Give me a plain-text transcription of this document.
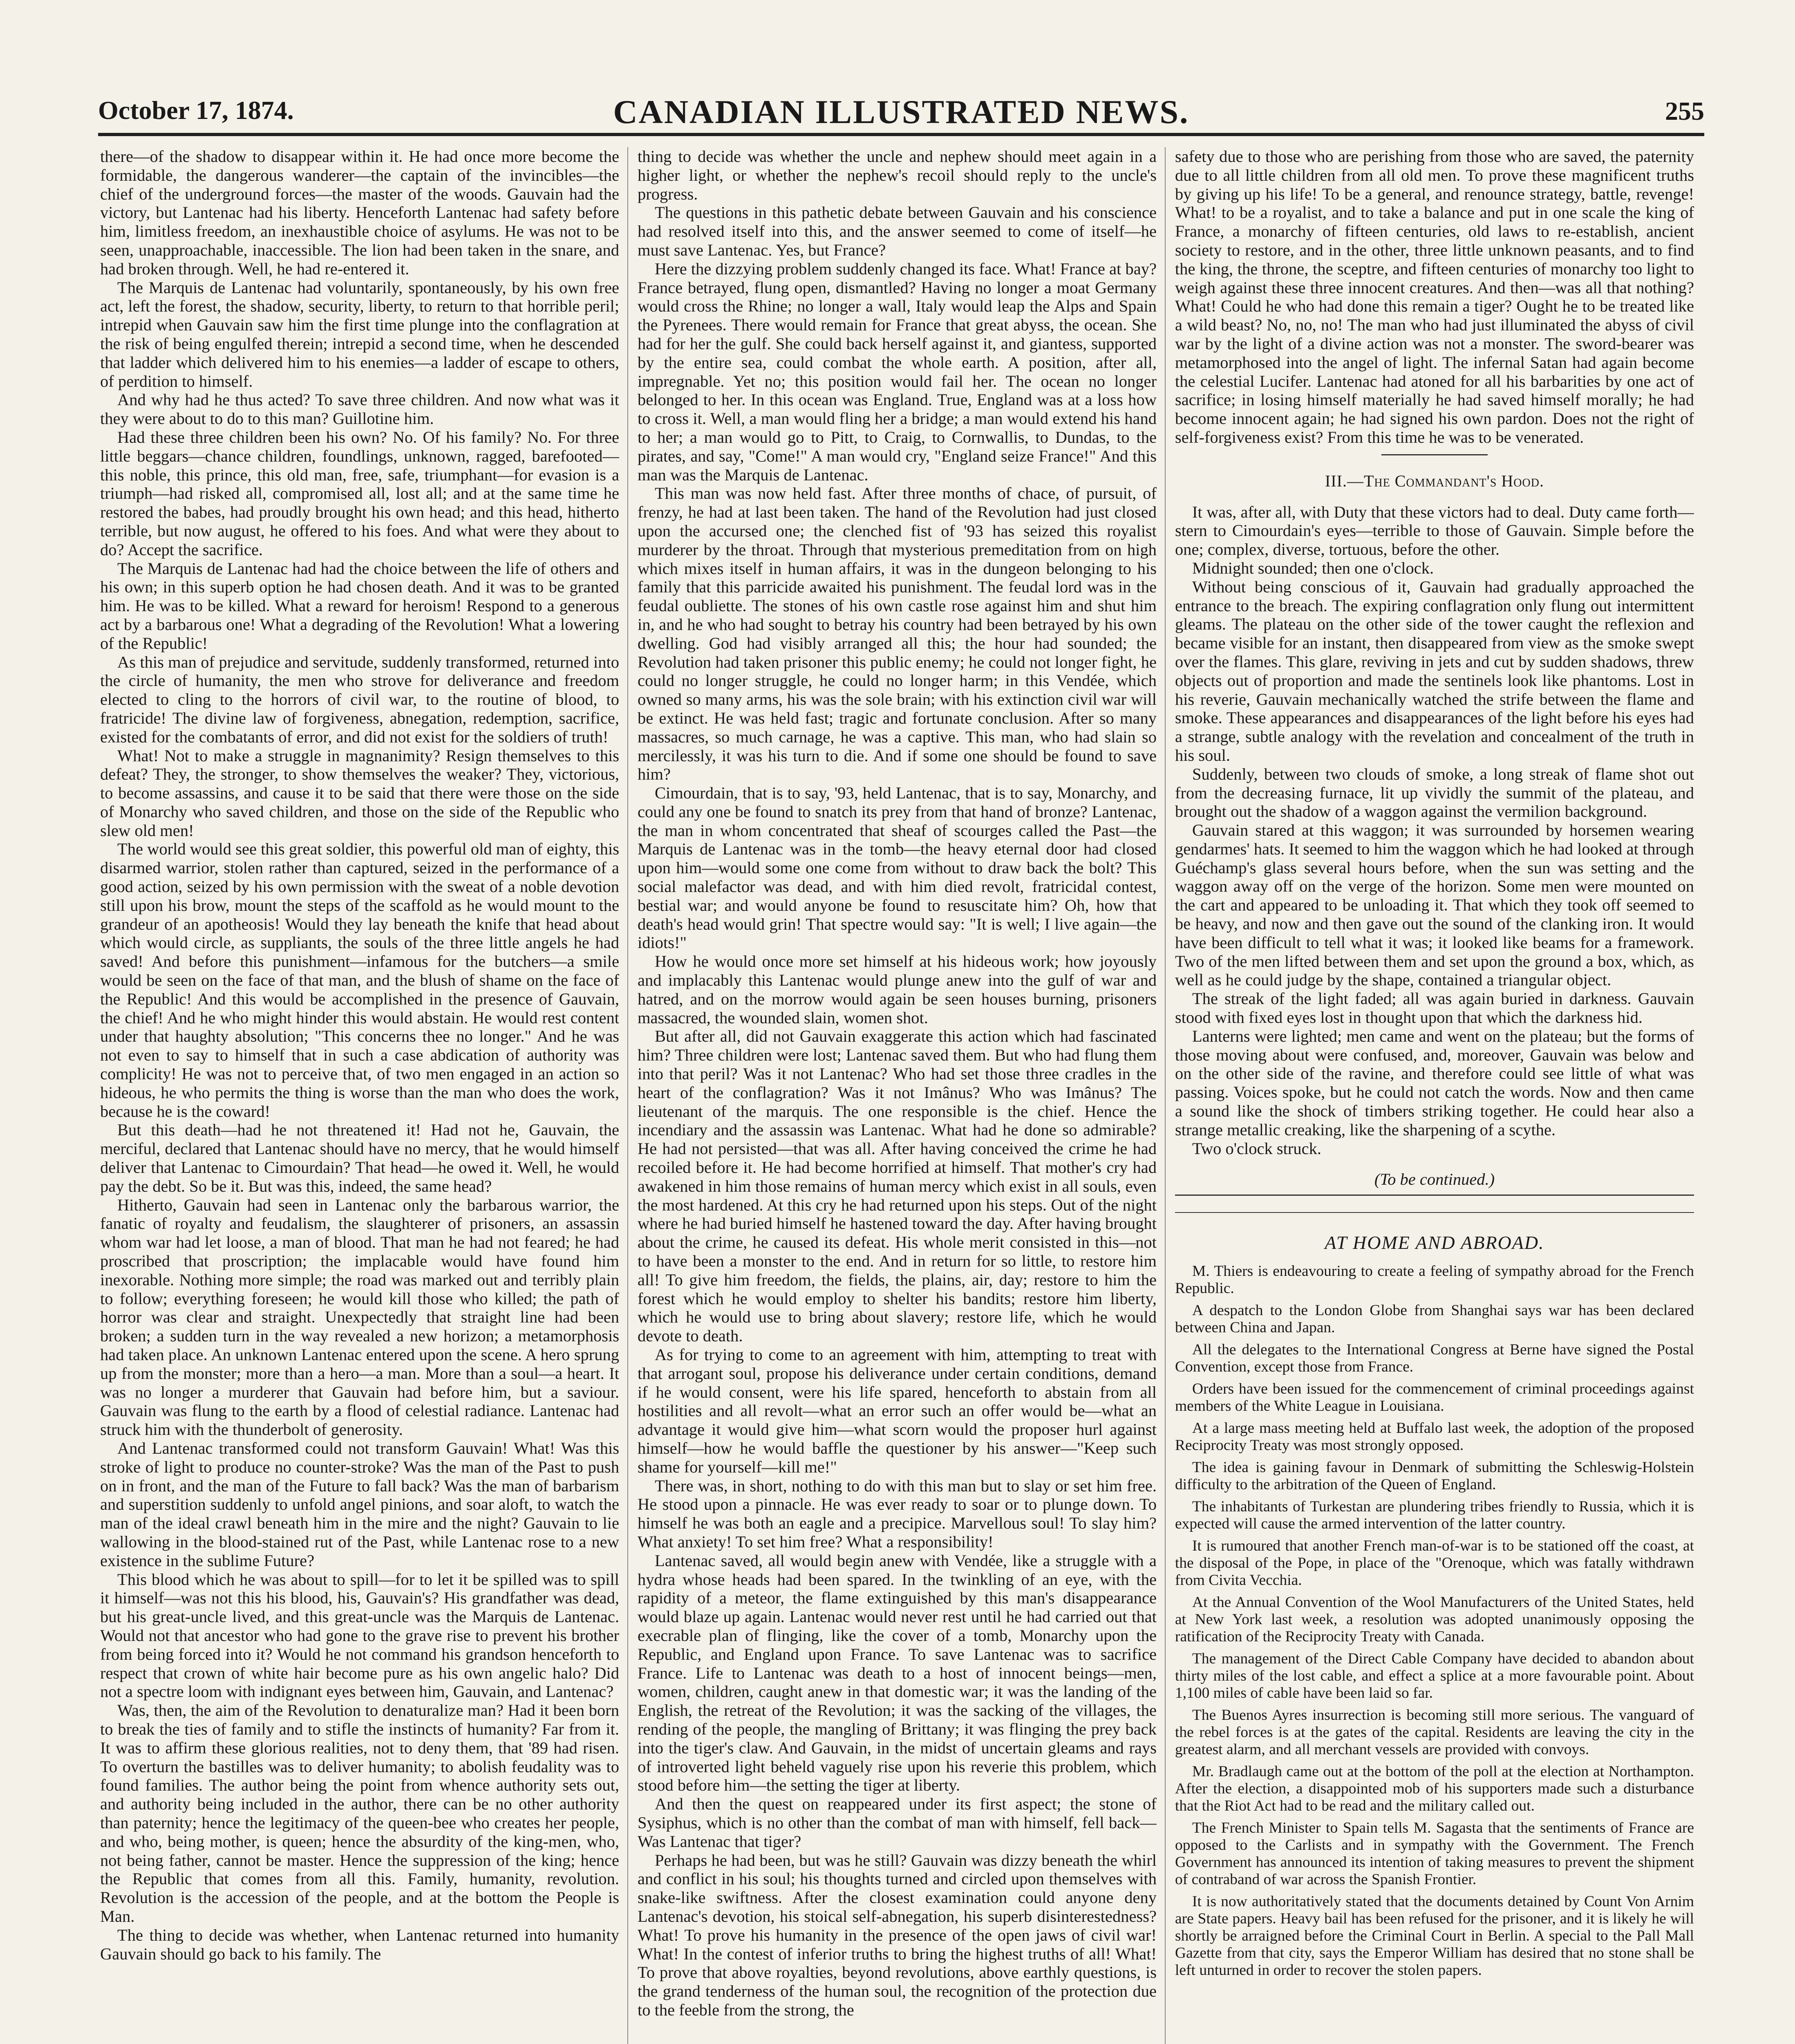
October 17, 1874.	CANADIAN ILLUSTRATED NEWS.	255

there—of the shadow to disappear within it. He had once more become the formidable, the dangerous wanderer—the captain of the invincibles—the chief of the underground forces—the master of the woods. Gauvain had the victory, but Lantenac had his liberty. Henceforth Lantenac had safety before him, limitless freedom, an inexhaustible choice of asylums. He was not to be seen, unapproachable, inaccessible. The lion had been taken in the snare, and had broken through. Well, he had re-entered it.

The Marquis de Lantenac had voluntarily, spontaneously, by his own free act, left the forest, the shadow, security, liberty, to return to that horrible peril; intrepid when Gauvain saw him the first time plunge into the conflagration at the risk of being engulfed therein; intrepid a second time, when he descended that ladder which delivered him to his enemies—a ladder of escape to others, of perdition to himself.

And why had he thus acted? To save three children. And now what was it they were about to do to this man? Guillotine him.

Had these three children been his own? No. Of his family? No. For three little beggars—chance children, foundlings, unknown, ragged, barefooted—this noble, this prince, this old man, free, safe, triumphant—for evasion is a triumph—had risked all, compromised all, lost all; and at the same time he restored the babes, had proudly brought his own head; and this head, hitherto terrible, but now august, he offered to his foes. And what were they about to do? Accept the sacrifice.

The Marquis de Lantenac had had the choice between the life of others and his own; in this superb option he had chosen death. And it was to be granted him. He was to be killed. What a reward for heroism! Respond to a generous act by a barbarous one! What a degrading of the Revolution! What a lowering of the Republic!

As this man of prejudice and servitude, suddenly transformed, returned into the circle of humanity, the men who strove for deliverance and freedom elected to cling to the horrors of civil war, to the routine of blood, to fratricide! The divine law of forgiveness, abnegation, redemption, sacrifice, existed for the combatants of error, and did not exist for the soldiers of truth!

What! Not to make a struggle in magnanimity? Resign themselves to this defeat? They, the stronger, to show themselves the weaker? They, victorious, to become assassins, and cause it to be said that there were those on the side of Monarchy who saved children, and those on the side of the Republic who slew old men!

The world would see this great soldier, this powerful old man of eighty, this disarmed warrior, stolen rather than captured, seized in the performance of a good action, seized by his own permission with the sweat of a noble devotion still upon his brow, mount the steps of the scaffold as he would mount to the grandeur of an apotheosis! Would they lay beneath the knife that head about which would circle, as suppliants, the souls of the three little angels he had saved! And before this punishment—infamous for the butchers—a smile would be seen on the face of that man, and the blush of shame on the face of the Republic! And this would be accomplished in the presence of Gauvain, the chief! And he who might hinder this would abstain. He would rest content under that haughty absolution; "This concerns thee no longer." And he was not even to say to himself that in such a case abdication of authority was complicity! He was not to perceive that, of two men engaged in an action so hideous, he who permits the thing is worse than the man who does the work, because he is the coward!

But this death—had he not threatened it! Had not he, Gauvain, the merciful, declared that Lantenac should have no mercy, that he would himself deliver that Lantenac to Cimourdain? That head—he owed it. Well, he would pay the debt. So be it. But was this, indeed, the same head?

Hitherto, Gauvain had seen in Lantenac only the barbarous warrior, the fanatic of royalty and feudalism, the slaughterer of prisoners, an assassin whom war had let loose, a man of blood. That man he had not feared; he had proscribed that proscription; the implacable would have found him inexorable. Nothing more simple; the road was marked out and terribly plain to follow; everything foreseen; he would kill those who killed; the path of horror was clear and straight. Unexpectedly that straight line had been broken; a sudden turn in the way revealed a new horizon; a metamorphosis had taken place. An unknown Lantenac entered upon the scene. A hero sprung up from the monster; more than a hero—a man. More than a soul—a heart. It was no longer a murderer that Gauvain had before him, but a saviour. Gauvain was flung to the earth by a flood of celestial radiance. Lantenac had struck him with the thunderbolt of generosity.

And Lantenac transformed could not transform Gauvain! What! Was this stroke of light to produce no counter-stroke? Was the man of the Past to push on in front, and the man of the Future to fall back? Was the man of barbarism and superstition suddenly to unfold angel pinions, and soar aloft, to watch the man of the ideal crawl beneath him in the mire and the night? Gauvain to lie wallowing in the blood-stained rut of the Past, while Lantenac rose to a new existence in the sublime Future?

This blood which he was about to spill—for to let it be spilled was to spill it himself—was not this his blood, his, Gauvain's? His grandfather was dead, but his great-uncle lived, and this great-uncle was the Marquis de Lantenac. Would not that ancestor who had gone to the grave rise to prevent his brother from being forced into it? Would he not command his grandson henceforth to respect that crown of white hair become pure as his own angelic halo? Did not a spectre loom with indignant eyes between him, Gauvain, and Lantenac?

Was, then, the aim of the Revolution to denaturalize man? Had it been born to break the ties of family and to stifle the instincts of humanity? Far from it. It was to affirm these glorious realities, not to deny them, that '89 had risen. To overturn the bastilles was to deliver humanity; to abolish feudality was to found families. The author being the point from whence authority sets out, and authority being included in the author, there can be no other authority than paternity; hence the legitimacy of the queen-bee who creates her people, and who, being mother, is queen; hence the absurdity of the king-men, who, not being father, cannot be master. Hence the suppression of the king; hence the Republic that comes from all this. Family, humanity, revolution. Revolution is the accession of the people, and at the bottom the People is Man.

The thing to decide was whether, when Lantenac returned into humanity Gauvain should go back to his family. The

thing to decide was whether the uncle and nephew should meet again in a higher light, or whether the nephew's recoil should reply to the uncle's progress.

The questions in this pathetic debate between Gauvain and his conscience had resolved itself into this, and the answer seemed to come of itself—he must save Lantenac. Yes, but France?

Here the dizzying problem suddenly changed its face. What! France at bay? France betrayed, flung open, dismantled? Having no longer a moat Germany would cross the Rhine; no longer a wall, Italy would leap the Alps and Spain the Pyrenees. There would remain for France that great abyss, the ocean. She had for her the gulf. She could back herself against it, and giantess, supported by the entire sea, could combat the whole earth. A position, after all, impregnable. Yet no; this position would fail her. The ocean no longer belonged to her. In this ocean was England. True, England was at a loss how to cross it. Well, a man would fling her a bridge; a man would extend his hand to her; a man would go to Pitt, to Craig, to Cornwallis, to Dundas, to the pirates, and say, "Come!" A man would cry, "England seize France!" And this man was the Marquis de Lantenac.

This man was now held fast. After three months of chace, of pursuit, of frenzy, he had at last been taken. The hand of the Revolution had just closed upon the accursed one; the clenched fist of '93 has seized this royalist murderer by the throat. Through that mysterious premeditation from on high which mixes itself in human affairs, it was in the dungeon belonging to his family that this parricide awaited his punishment. The feudal lord was in the feudal oubliette. The stones of his own castle rose against him and shut him in, and he who had sought to betray his country had been betrayed by his own dwelling. God had visibly arranged all this; the hour had sounded; the Revolution had taken prisoner this public enemy; he could not longer fight, he could no longer struggle, he could no longer harm; in this Vendée, which owned so many arms, his was the sole brain; with his extinction civil war will be extinct. He was held fast; tragic and fortunate conclusion. After so many massacres, so much carnage, he was a captive. This man, who had slain so mercilessly, it was his turn to die. And if some one should be found to save him?

Cimourdain, that is to say, '93, held Lantenac, that is to say, Monarchy, and could any one be found to snatch its prey from that hand of bronze? Lantenac, the man in whom concentrated that sheaf of scourges called the Past—the Marquis de Lantenac was in the tomb—the heavy eternal door had closed upon him—would some one come from without to draw back the bolt? This social malefactor was dead, and with him died revolt, fratricidal contest, bestial war; and would anyone be found to resuscitate him? Oh, how that death's head would grin! That spectre would say: "It is well; I live again—the idiots!"

How he would once more set himself at his hideous work; how joyously and implacably this Lantenac would plunge anew into the gulf of war and hatred, and on the morrow would again be seen houses burning, prisoners massacred, the wounded slain, women shot.

But after all, did not Gauvain exaggerate this action which had fascinated him? Three children were lost; Lantenac saved them. But who had flung them into that peril? Was it not Lantenac? Who had set those three cradles in the heart of the conflagration? Was it not Imânus? Who was Imânus? The lieutenant of the marquis. The one responsible is the chief. Hence the incendiary and the assassin was Lantenac. What had he done so admirable? He had not persisted—that was all. After having conceived the crime he had recoiled before it. He had become horrified at himself. That mother's cry had awakened in him those remains of human mercy which exist in all souls, even the most hardened. At this cry he had returned upon his steps. Out of the night where he had buried himself he hastened toward the day. After having brought about the crime, he caused its defeat. His whole merit consisted in this—not to have been a monster to the end. And in return for so little, to restore him all! To give him freedom, the fields, the plains, air, day; restore to him the forest which he would employ to shelter his bandits; restore him liberty, which he would use to bring about slavery; restore life, which he would devote to death.

As for trying to come to an agreement with him, attempting to treat with that arrogant soul, propose his deliverance under certain conditions, demand if he would consent, were his life spared, henceforth to abstain from all hostilities and all revolt—what an error such an offer would be—what an advantage it would give him—what scorn would the proposer hurl against himself—how he would baffle the questioner by his answer—"Keep such shame for yourself—kill me!"

There was, in short, nothing to do with this man but to slay or set him free. He stood upon a pinnacle. He was ever ready to soar or to plunge down. To himself he was both an eagle and a precipice. Marvellous soul! To slay him? What anxiety! To set him free? What a responsibility!

Lantenac saved, all would begin anew with Vendée, like a struggle with a hydra whose heads had been spared. In the twinkling of an eye, with the rapidity of a meteor, the flame extinguished by this man's disappearance would blaze up again. Lantenac would never rest until he had carried out that execrable plan of flinging, like the cover of a tomb, Monarchy upon the Republic, and England upon France. To save Lantenac was to sacrifice France. Life to Lantenac was death to a host of innocent beings—men, women, children, caught anew in that domestic war; it was the landing of the English, the retreat of the Revolution; it was the sacking of the villages, the rending of the people, the mangling of Brittany; it was flinging the prey back into the tiger's claw. And Gauvain, in the midst of uncertain gleams and rays of introverted light beheld vaguely rise upon his reverie this problem, which stood before him—the setting the tiger at liberty.

And then the quest on reappeared under its first aspect; the stone of Sysiphus, which is no other than the combat of man with himself, fell back—Was Lantenac that tiger?

Perhaps he had been, but was he still? Gauvain was dizzy beneath the whirl and conflict in his soul; his thoughts turned and circled upon themselves with snake-like swiftness. After the closest examination could anyone deny Lantenac's devotion, his stoical self-abnegation, his superb disinterestedness? What! To prove his humanity in the presence of the open jaws of civil war! What! In the contest of inferior truths to bring the highest truths of all! What! To prove that above royalties, beyond revolutions, above earthly questions, is the grand tenderness of the human soul, the recognition of the protection due to the feeble from the strong, the

safety due to those who are perishing from those who are saved, the paternity due to all little children from all old men. To prove these magnificent truths by giving up his life! To be a general, and renounce strategy, battle, revenge! What! to be a royalist, and to take a balance and put in one scale the king of France, a monarchy of fifteen centuries, old laws to re-establish, ancient society to restore, and in the other, three little unknown peasants, and to find the king, the throne, the sceptre, and fifteen centuries of monarchy too light to weigh against these three innocent creatures. And then—was all that nothing? What! Could he who had done this remain a tiger? Ought he to be treated like a wild beast? No, no, no! The man who had just illuminated the abyss of civil war by the light of a divine action was not a monster. The sword-bearer was metamorphosed into the angel of light. The infernal Satan had again become the celestial Lucifer. Lantenac had atoned for all his barbarities by one act of sacrifice; in losing himself materially he had saved himself morally; he had become innocent again; he had signed his own pardon. Does not the right of self-forgiveness exist? From this time he was to be venerated.

III.—The Commandant's Hood.

It was, after all, with Duty that these victors had to deal. Duty came forth—stern to Cimourdain's eyes—terrible to those of Gauvain. Simple before the one; complex, diverse, tortuous, before the other.

Midnight sounded; then one o'clock.

Without being conscious of it, Gauvain had gradually approached the entrance to the breach. The expiring conflagration only flung out intermittent gleams. The plateau on the other side of the tower caught the reflexion and became visible for an instant, then disappeared from view as the smoke swept over the flames. This glare, reviving in jets and cut by sudden shadows, threw objects out of proportion and made the sentinels look like phantoms. Lost in his reverie, Gauvain mechanically watched the strife between the flame and smoke. These appearances and disappearances of the light before his eyes had a strange, subtle analogy with the revelation and concealment of the truth in his soul.

Suddenly, between two clouds of smoke, a long streak of flame shot out from the decreasing furnace, lit up vividly the summit of the plateau, and brought out the shadow of a waggon against the vermilion background.

Gauvain stared at this waggon; it was surrounded by horsemen wearing gendarmes' hats. It seemed to him the waggon which he had looked at through Guéchamp's glass several hours before, when the sun was setting and the waggon away off on the verge of the horizon. Some men were mounted on the cart and appeared to be unloading it. That which they took off seemed to be heavy, and now and then gave out the sound of the clanking iron. It would have been difficult to tell what it was; it looked like beams for a framework. Two of the men lifted between them and set upon the ground a box, which, as well as he could judge by the shape, contained a triangular object.

The streak of the light faded; all was again buried in darkness. Gauvain stood with fixed eyes lost in thought upon that which the darkness hid.

Lanterns were lighted; men came and went on the plateau; but the forms of those moving about were confused, and, moreover, Gauvain was below and on the other side of the ravine, and therefore could see little of what was passing. Voices spoke, but he could not catch the words. Now and then came a sound like the shock of timbers striking together. He could hear also a strange metallic creaking, like the sharpening of a scythe.

Two o'clock struck.

(To be continued.)
AT HOME AND ABROAD.

M. Thiers is endeavouring to create a feeling of sympathy abroad for the French Republic.

A despatch to the London Globe from Shanghai says war has been declared between China and Japan.

All the delegates to the International Congress at Berne have signed the Postal Convention, except those from France.

Orders have been issued for the commencement of criminal proceedings against members of the White League in Louisiana.

At a large mass meeting held at Buffalo last week, the adoption of the proposed Reciprocity Treaty was most strongly opposed.

The idea is gaining favour in Denmark of submitting the Schleswig-Holstein difficulty to the arbitration of the Queen of England.

The inhabitants of Turkestan are plundering tribes friendly to Russia, which it is expected will cause the armed intervention of the latter country.

It is rumoured that another French man-of-war is to be stationed off the coast, at the disposal of the Pope, in place of the "Orenoque, which was fatally withdrawn from Civita Vecchia.

At the Annual Convention of the Wool Manufacturers of the United States, held at New York last week, a resolution was adopted unanimously opposing the ratification of the Reciprocity Treaty with Canada.

The management of the Direct Cable Company have decided to abandon about thirty miles of the lost cable, and effect a splice at a more favourable point. About 1,100 miles of cable have been laid so far.

The Buenos Ayres insurrection is becoming still more serious. The vanguard of the rebel forces is at the gates of the capital. Residents are leaving the city in the greatest alarm, and all merchant vessels are provided with convoys.

Mr. Bradlaugh came out at the bottom of the poll at the election at Northampton. After the election, a disappointed mob of his supporters made such a disturbance that the Riot Act had to be read and the military called out.

The French Minister to Spain tells M. Sagasta that the sentiments of France are opposed to the Carlists and in sympathy with the Government. The French Government has announced its intention of taking measures to prevent the shipment of contraband of war across the Spanish Frontier.

It is now authoritatively stated that the documents detained by Count Von Arnim are State papers. Heavy bail has been refused for the prisoner, and it is likely he will shortly be arraigned before the Criminal Court in Berlin. A special to the Pall Mall Gazette from that city, says the Emperor William has desired that no stone shall be left unturned in order to recover the stolen papers.
